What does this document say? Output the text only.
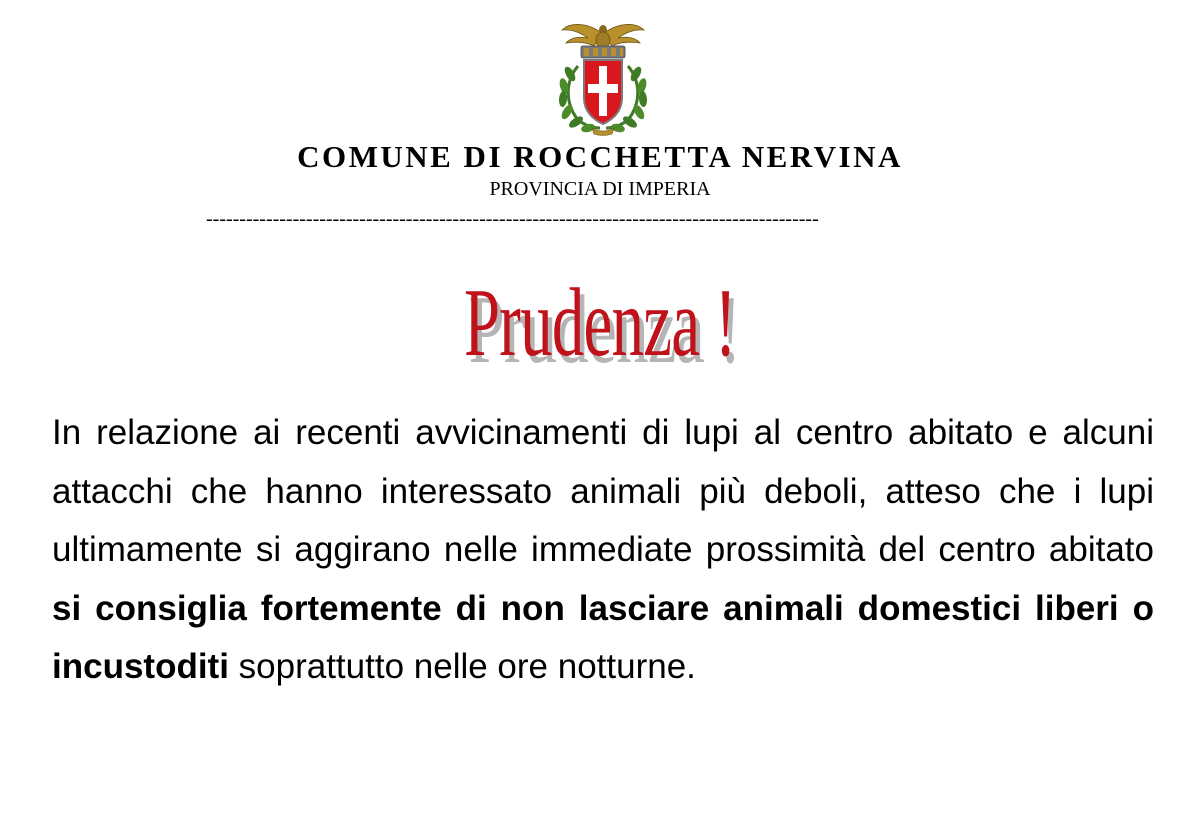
COMUNE DI ROCCHETTA NERVINA
PROVINCIA DI IMPERIA
--------------------------------------------------------------------------------------------
Prudenza !

In relazione ai recenti avvicinamenti di lupi al centro abitato e alcuni attacchi che hanno interessato animali più deboli, atteso che i lupi ultimamente si aggirano nelle immediate prossimità del centro abitato si consiglia fortemente di non lasciare animali domestici liberi o incustoditi soprattutto nelle ore notturne.
